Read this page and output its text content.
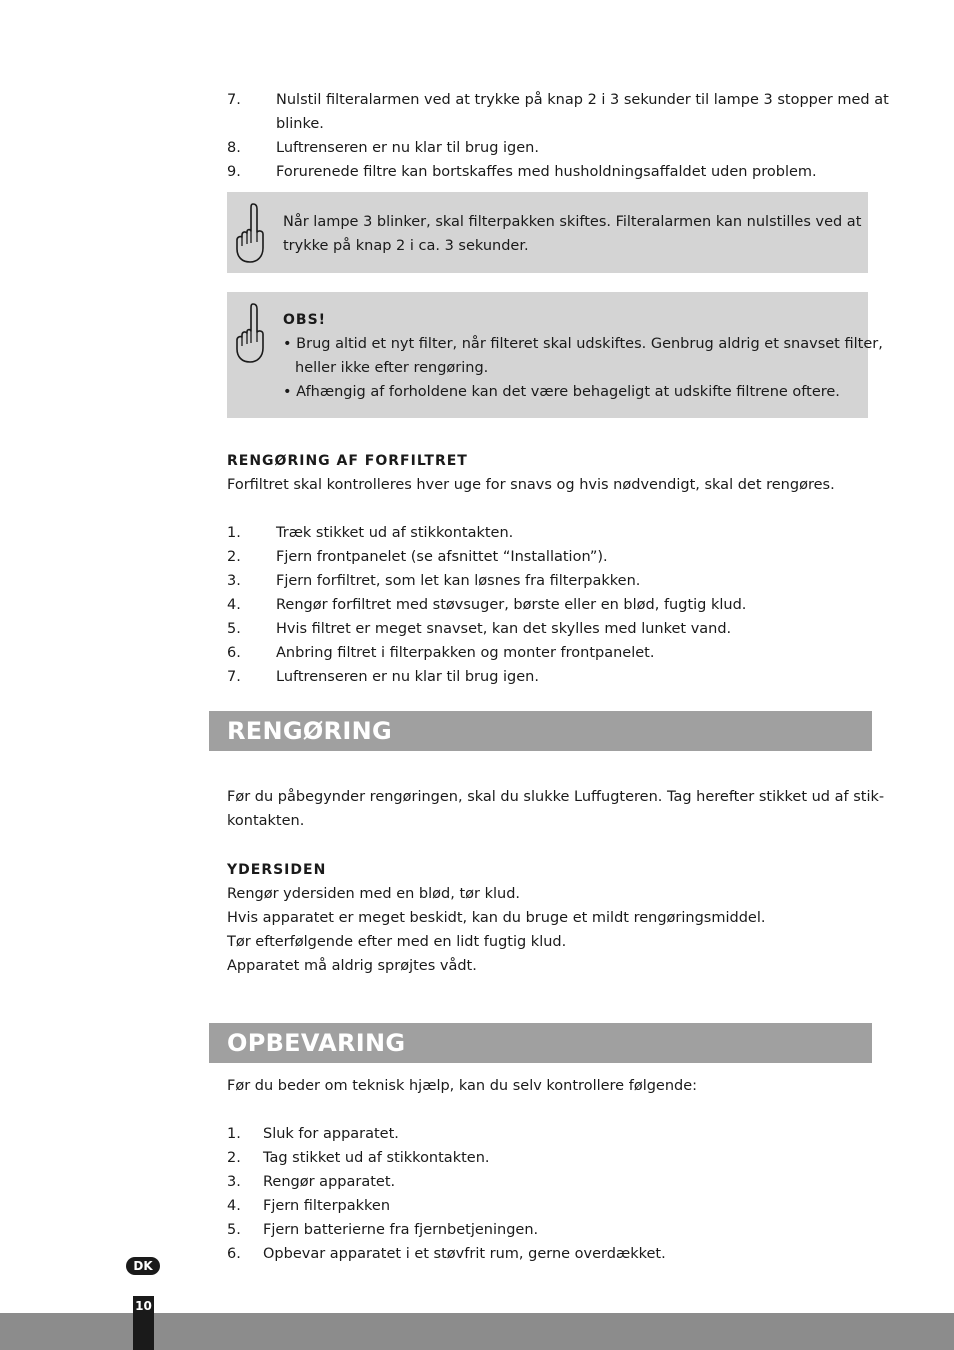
7. Nulstil filteralarmen ved at trykke på knap 2 i 3 sekunder til lampe 3 stopper med at
blinke.
8. Luftrenseren er nu klar til brug igen.
9. Forurenede filtre kan bortskaffes med husholdningsaffaldet uden problem.
Når lampe 3 blinker, skal filterpakken skiftes. Filteralarmen kan nulstilles ved at
trykke på knap 2 i ca. 3 sekunder.
OBS!
• Brug altid et nyt filter, når filteret skal udskiftes. Genbrug aldrig et snavset filter,
heller ikke efter rengøring.
• Afhængig af forholdene kan det være behageligt at udskifte filtrene oftere.
RENGØRING AF FORFILTRET
Forfiltret skal kontrolleres hver uge for snavs og hvis nødvendigt, skal det rengøres.
1. Træk stikket ud af stikkontakten.
2. Fjern frontpanelet (se afsnittet “Installation”).
3. Fjern forfiltret, som let kan løsnes fra filterpakken.
4. Rengør forfiltret med støvsuger, børste eller en blød, fugtig klud.
5. Hvis filtret er meget snavset, kan det skylles med lunket vand.
6. Anbring filtret i filterpakken og monter frontpanelet.
7. Luftrenseren er nu klar til brug igen.
RENGØRING
Før du påbegynder rengøringen, skal du slukke Luffugteren. Tag herefter stikket ud af stik-
kontakten.
YDERSIDEN
Rengør ydersiden med en blød, tør klud.
Hvis apparatet er meget beskidt, kan du bruge et mildt rengøringsmiddel.
Tør efterfølgende efter med en lidt fugtig klud.
Apparatet må aldrig sprøjtes vådt.
OPBEVARING
Før du beder om teknisk hjælp, kan du selv kontrollere følgende:
1. Sluk for apparatet.
2. Tag stikket ud af stikkontakten.
3. Rengør apparatet.
4. Fjern filterpakken
5. Fjern batterierne fra fjernbetjeningen.
6. Opbevar apparatet i et støvfrit rum, gerne overdækket.
DK
10
